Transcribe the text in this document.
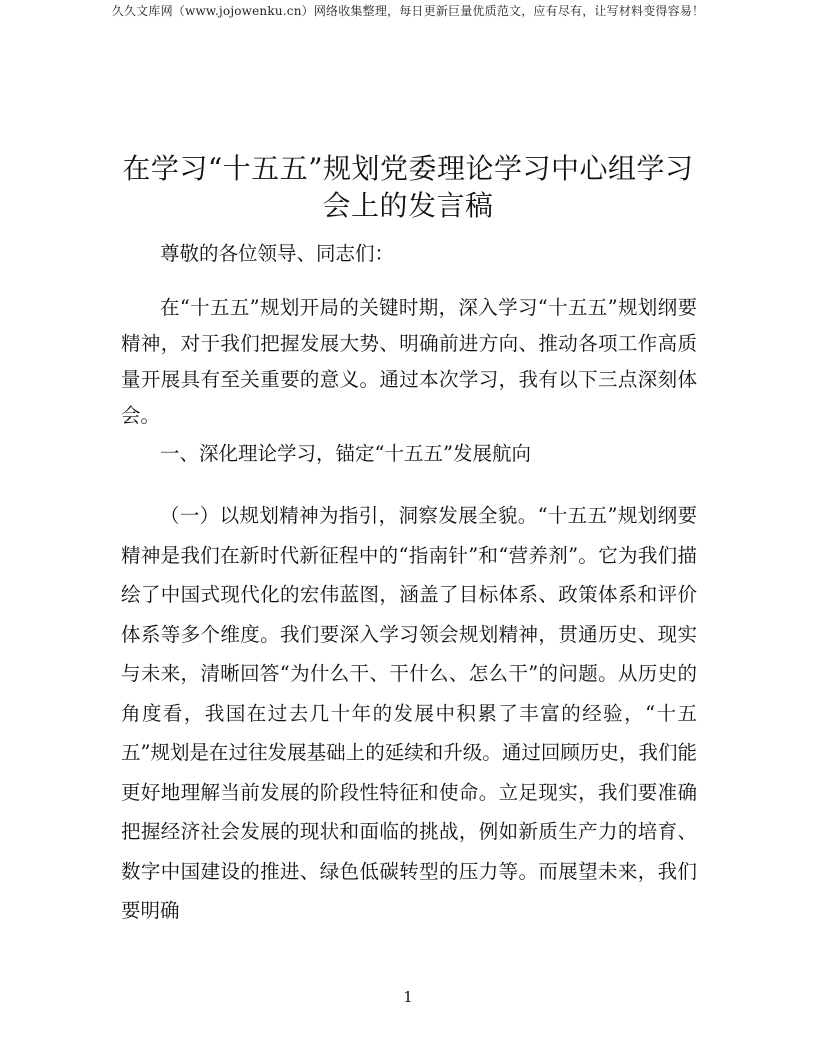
久久文库网（www.jojowenku.cn）网络收集整理，每日更新巨量优质范文，应有尽有，让写材料变得容易！
在学习“十五五”规划党委理论学习中心组学习会上的发言稿

尊敬的各位领导、同志们：

在“十五五”规划开局的关键时期，深入学习“十五五”规划纲要精神，对于我们把握发展大势、明确前进方向、推动各项工作高质量开展具有至关重要的意义。通过本次学习，我有以下三点深刻体会。

一、深化理论学习，锚定“十五五”发展航向

（一）以规划精神为指引，洞察发展全貌。“十五五”规划纲要精神是我们在新时代新征程中的“指南针”和“营养剂”。它为我们描绘了中国式现代化的宏伟蓝图，涵盖了目标体系、政策体系和评价体系等多个维度。我们要深入学习领会规划精神，贯通历史、现实与未来，清晰回答“为什么干、干什么、怎么干”的问题。从历史的角度看，我国在过去几十年的发展中积累了丰富的经验，“十五五”规划是在过往发展基础上的延续和升级。通过回顾历史，我们能更好地理解当前发展的阶段性特征和使命。立足现实，我们要准确把握经济社会发展的现状和面临的挑战，例如新质生产力的培育、数字中国建设的推进、绿色低碳转型的压力等。而展望未来，我们要明确

1
